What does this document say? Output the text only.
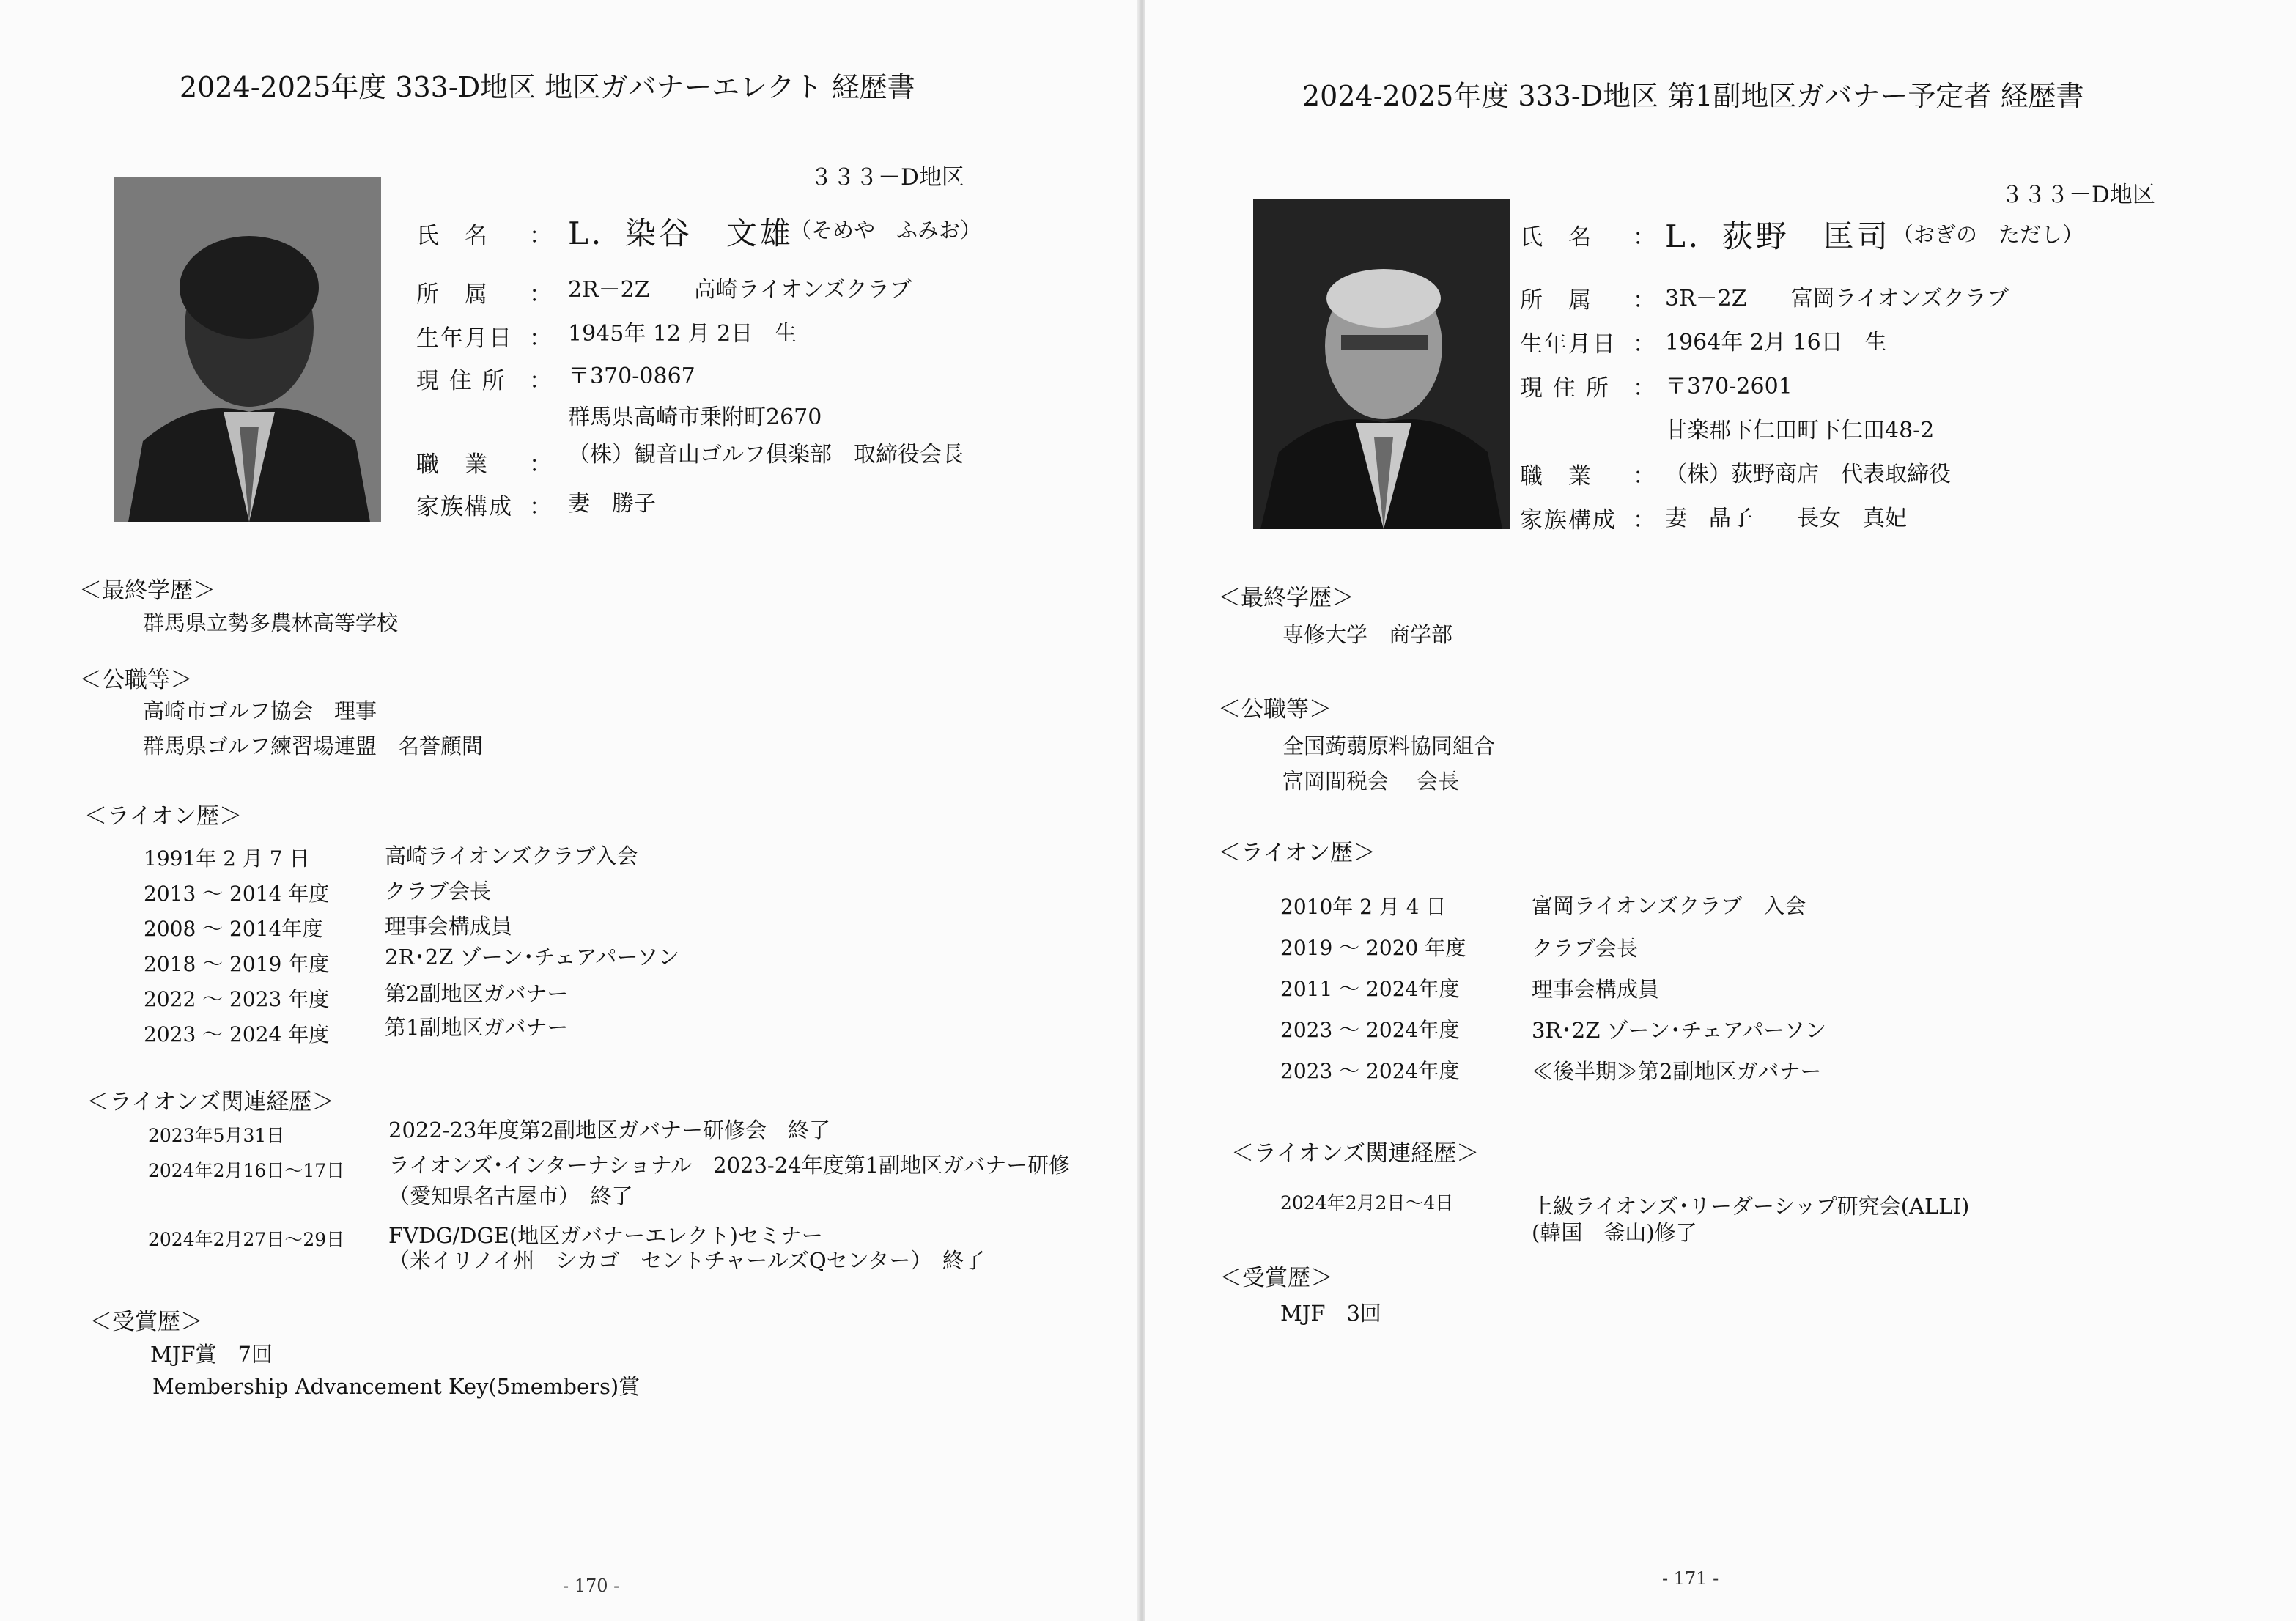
2024-2025年度 333-D地区 地区ガバナーエレクト 経歴書
３３３－D地区
氏　名 ： L．染谷　文雄
（そめや　ふみお）
所　属 ： 2R－2Z　　高崎ライオンズクラブ
生年月日 ： 1945年 12 月 2日　生
現 住 所 ： 〒370-0867
群馬県高崎市乗附町2670
職　業 ： （株）観音山ゴルフ倶楽部　取締役会長
家族構成 ： 妻　勝子
＜最終学歴＞
群馬県立勢多農林高等学校
＜公職等＞
高崎市ゴルフ協会　理事
群馬県ゴルフ練習場連盟　名誉顧問
＜ライオン歴＞
1991年 2 月 7 日	高崎ライオンズクラブ入会
2013 ～ 2014 年度	クラブ会長
2008 ～ 2014年度	理事会構成員
2018 ～ 2019 年度	2R･2Z ゾーン･チェアパーソン
2022 ～ 2023 年度	第2副地区ガバナー
2023 ～ 2024 年度	第1副地区ガバナー
＜ライオンズ関連経歴＞
2023年5月31日	2022-23年度第2副地区ガバナー研修会　終了
2024年2月16日～17日 ライオンズ･インターナショナル　2023-24年度第1副地区ガバナー研修
（愛知県名古屋市）　終了
2024年2月27日～29日 FVDG/DGE(地区ガバナーエレクト)セミナー
（米イリノイ州　シカゴ　セントチャールズQセンター）　終了
＜受賞歴＞
MJF賞　7回
Membership Advancement Key(5members)賞
- 170 -
2024-2025年度 333-D地区 第1副地区ガバナー予定者 経歴書
３３３－D地区
氏　名 ： L．荻野　匡司 （おぎの　ただし）
所　属 ： 3R－2Z　　富岡ライオンズクラブ
生年月日 ： 1964年 2月 16日　生
現 住 所 ： 〒370-2601
甘楽郡下仁田町下仁田48-2
職　業 ： （株）荻野商店　代表取締役
家族構成 ： 妻　晶子　　長女　真妃
＜最終学歴＞
専修大学　商学部
＜公職等＞
全国蒟蒻原料協同組合
富岡間税会　 会長
＜ライオン歴＞
2010年 2 月 4 日	富岡ライオンズクラブ　入会
2019 ～ 2020 年度	クラブ会長
2011 ～ 2024年度	理事会構成員
2023 ～ 2024年度	3R･2Z ゾーン･チェアパーソン
2023 ～ 2024年度	≪後半期≫第2副地区ガバナー
＜ライオンズ関連経歴＞
2024年2月2日～4日	上級ライオンズ･リーダーシップ研究会(ALLI)
(韓国　釜山)修了
＜受賞歴＞
MJF　3回
- 171 -
